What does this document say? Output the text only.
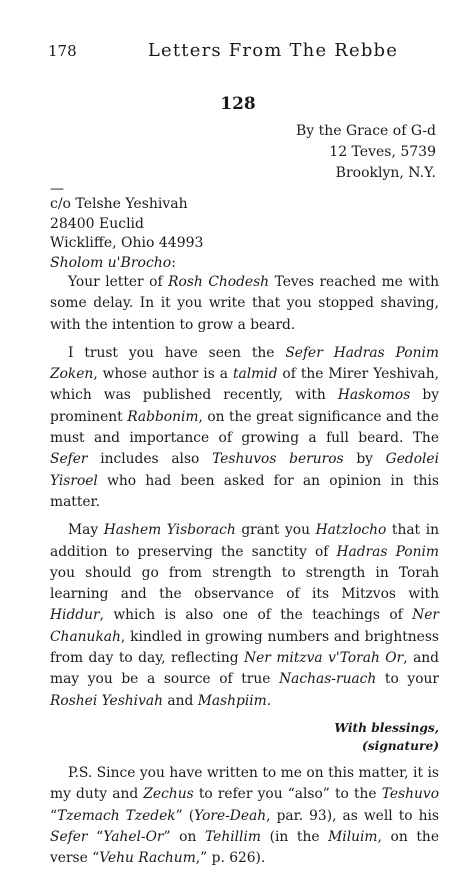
178	Letters From The Rebbe
128
By the Grace of G-d
12 Teves, 5739
Brooklyn, N.Y.
—
c/o Telshe Yeshivah
28400 Euclid
Wickliffe, Ohio 44993
Sholom u'Brocho:

Your letter of Rosh Chodesh Teves reached me with some delay. In it you write that you stopped shaving, with the intention to grow a beard.

I trust you have seen the Sefer Hadras Ponim Zoken, whose author is a talmid of the Mirer Yeshivah, which was published recently, with Haskomos by prominent Rabbonim, on the great significance and the must and importance of growing a full beard. The Sefer includes also Teshuvos beruros by Gedolei Yisroel who had been asked for an opinion in this matter.

May Hashem Yisborach grant you Hatzlocho that in addition to preserving the sanctity of Hadras Ponim you should go from strength to strength in Torah learning and the observance of its Mitzvos with Hiddur, which is also one of the teachings of Ner Chanukah, kindled in growing numbers and brightness from day to day, reflecting Ner mitzva v'Torah Or, and may you be a source of true Nachas-ruach to your Roshei Yeshivah and Mashpiim.

With blessings,
(signature)

P.S. Since you have written to me on this matter, it is my duty and Zechus to refer you “also” to the Teshuvo “Tzemach Tzedek” (Yore-Deah, par. 93), as well to his Sefer “Yahel-Or” on Tehillim (in the Miluim, on the verse “Vehu Rachum,” p. 626).
